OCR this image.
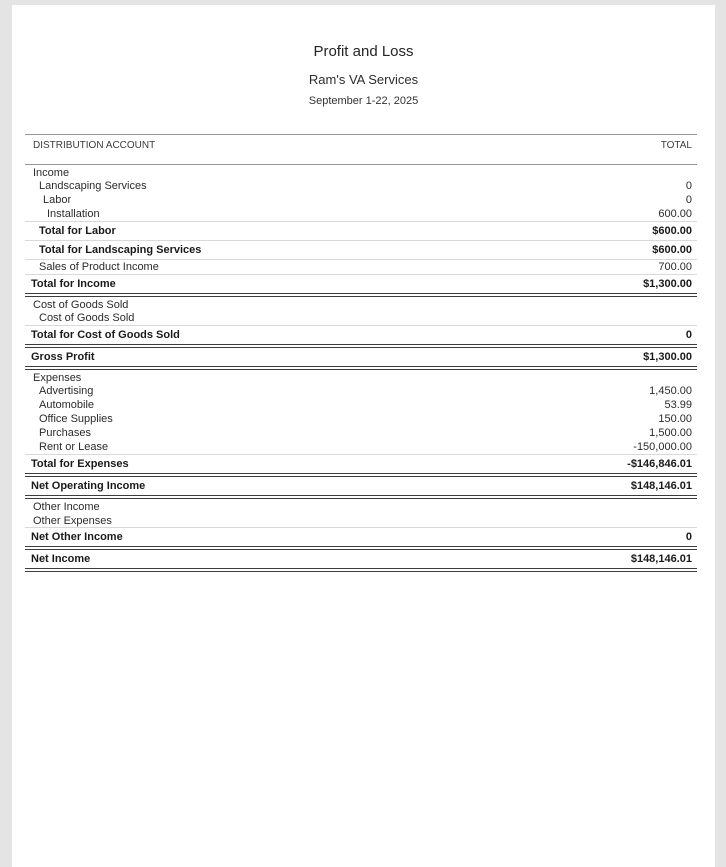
Profit and Loss
Ram's VA Services
September 1-22, 2025
DISTRIBUTION ACCOUNT	TOTAL
Income
Landscaping Services	0
Labor	0
Installation	600.00
Total for Labor	$600.00
Total for Landscaping Services	$600.00
Sales of Product Income	700.00
Total for Income	$1,300.00
Cost of Goods Sold
Cost of Goods Sold
Total for Cost of Goods Sold	0
Gross Profit	$1,300.00
Expenses
Advertising	1,450.00
Automobile	53.99
Office Supplies	150.00
Purchases	1,500.00
Rent or Lease	-150,000.00
Total for Expenses	-$146,846.01
Net Operating Income	$148,146.01
Other Income
Other Expenses
Net Other Income	0
Net Income	$148,146.01
